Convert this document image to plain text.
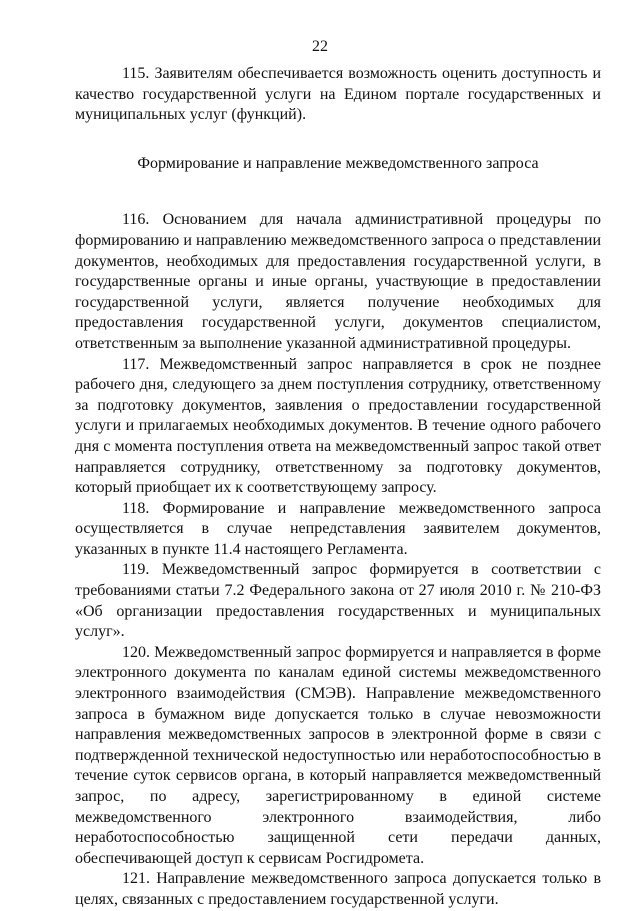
22

115. Заявителям обеспечивается возможность оценить доступность и качество государственной услуги на Едином портале государственных и муниципальных услуг (функций).

Формирование и направление межведомственного запроса

116. Основанием для начала административной процедуры по формированию и направлению межведомственного запроса о представлении документов, необходимых для предоставления государственной услуги, в государственные органы и иные органы, участвующие в предоставлении государственной услуги, является получение необходимых для предоставления государственной услуги, документов специалистом, ответственным за выполнение указанной административной процедуры.

117. Межведомственный запрос направляется в срок не позднее рабочего дня, следующего за днем поступления сотруднику, ответственному за подготовку документов, заявления о предоставлении государственной услуги и прилагаемых необходимых документов. В течение одного рабочего дня с момента поступления ответа на межведомственный запрос такой ответ направляется сотруднику, ответственному за подготовку документов, который приобщает их к соответствующему запросу.

118. Формирование и направление межведомственного запроса осуществляется в случае непредставления заявителем документов, указанных в пункте 11.4 настоящего Регламента.

119. Межведомственный запрос формируется в соответствии с требованиями статьи 7.2 Федерального закона от 27 июля 2010 г. № 210-ФЗ «Об организации предоставления государственных и муниципальных услуг».

120. Межведомственный запрос формируется и направляется в форме электронного документа по каналам единой системы межведомственного электронного взаимодействия (СМЭВ). Направление межведомственного запроса в бумажном виде допускается только в случае невозможности направления межведомственных запросов в электронной форме в связи с подтвержденной технической недоступностью или неработоспособностью в течение суток сервисов органа, в который направляется межведомственный запрос, по адресу, зарегистрированному в единой системе межведомственного электронного взаимодействия, либо неработоспособностью защищенной сети передачи данных, обеспечивающей доступ к сервисам Росгидромета.

121. Направление межведомственного запроса допускается только в целях, связанных с предоставлением государственной услуги.
